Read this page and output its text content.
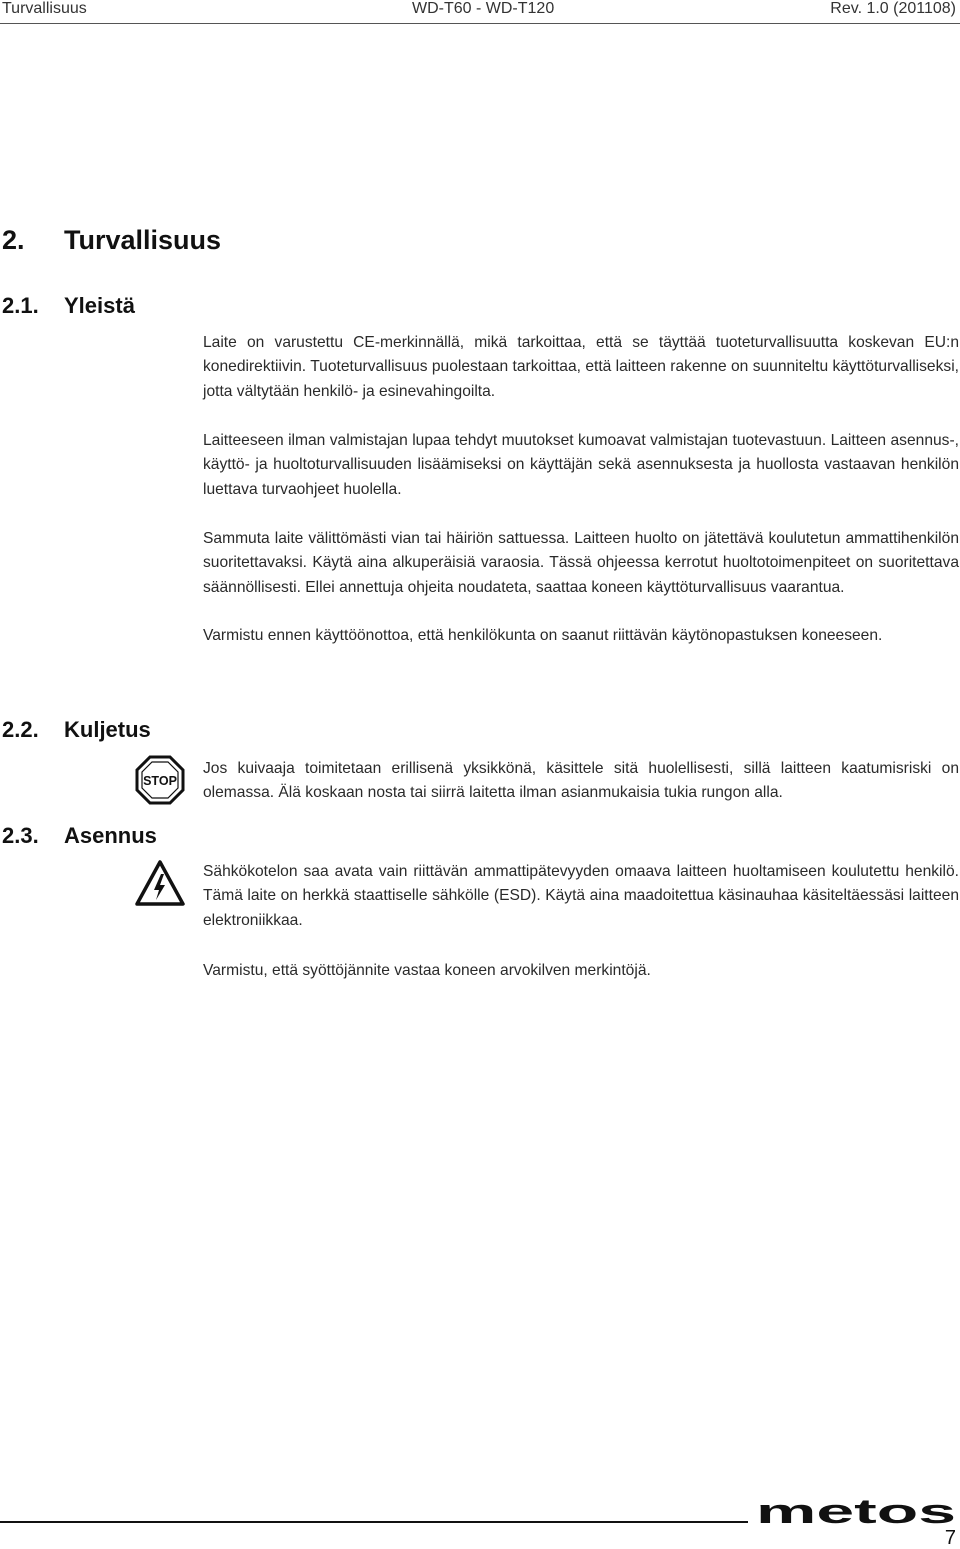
Turvallisuus	WD-T60 - WD-T120	Rev. 1.0 (201108)
2. Turvallisuus
2.1. Yleistä

Laite on varustettu CE-merkinnällä, mikä tarkoittaa, että se täyttää tuoteturvallisuutta koskevan EU:n konedirektiivin. Tuoteturvallisuus puolestaan tarkoittaa, että laitteen rakenne on suunniteltu käyttöturvalliseksi, jotta vältytään henkilö- ja esinevahingoilta.

Laitteeseen ilman valmistajan lupaa tehdyt muutokset kumoavat valmistajan tuotevastuun. Laitteen asennus-, käyttö- ja huoltoturvallisuuden lisäämiseksi on käyttäjän sekä asennuksesta ja huollosta vastaavan henkilön luettava turvaohjeet huolella.

Sammuta laite välittömästi vian tai häiriön sattuessa. Laitteen huolto on jätettävä koulutetun ammattihenkilön suoritettavaksi. Käytä aina alkuperäisiä varaosia. Tässä ohjeessa kerrotut huoltotoimenpiteet on suoritettava säännöllisesti. Ellei annettuja ohjeita noudateta, saattaa koneen käyttöturvallisuus vaarantua.

Varmistu ennen käyttöönottoa, että henkilökunta on saanut riittävän käytönopastuksen koneeseen.

2.2. Kuljetus
STOP

Jos kuivaaja toimitetaan erillisenä yksikkönä, käsittele sitä huolellisesti, sillä laitteen kaatumisriski on olemassa. Älä koskaan nosta tai siirrä laitetta ilman asianmukaisia tukia rungon alla.

2.3. Asennus

Sähkökotelon saa avata vain riittävän ammattipätevyyden omaava laitteen huoltamiseen koulutettu henkilö. Tämä laite on herkkä staattiselle sähkölle (ESD). Käytä aina maadoitettua käsinauhaa käsiteltäessäsi laitteen elektroniikkaa.

Varmistu, että syöttöjännite vastaa koneen arvokilven merkintöjä.

metos
7
